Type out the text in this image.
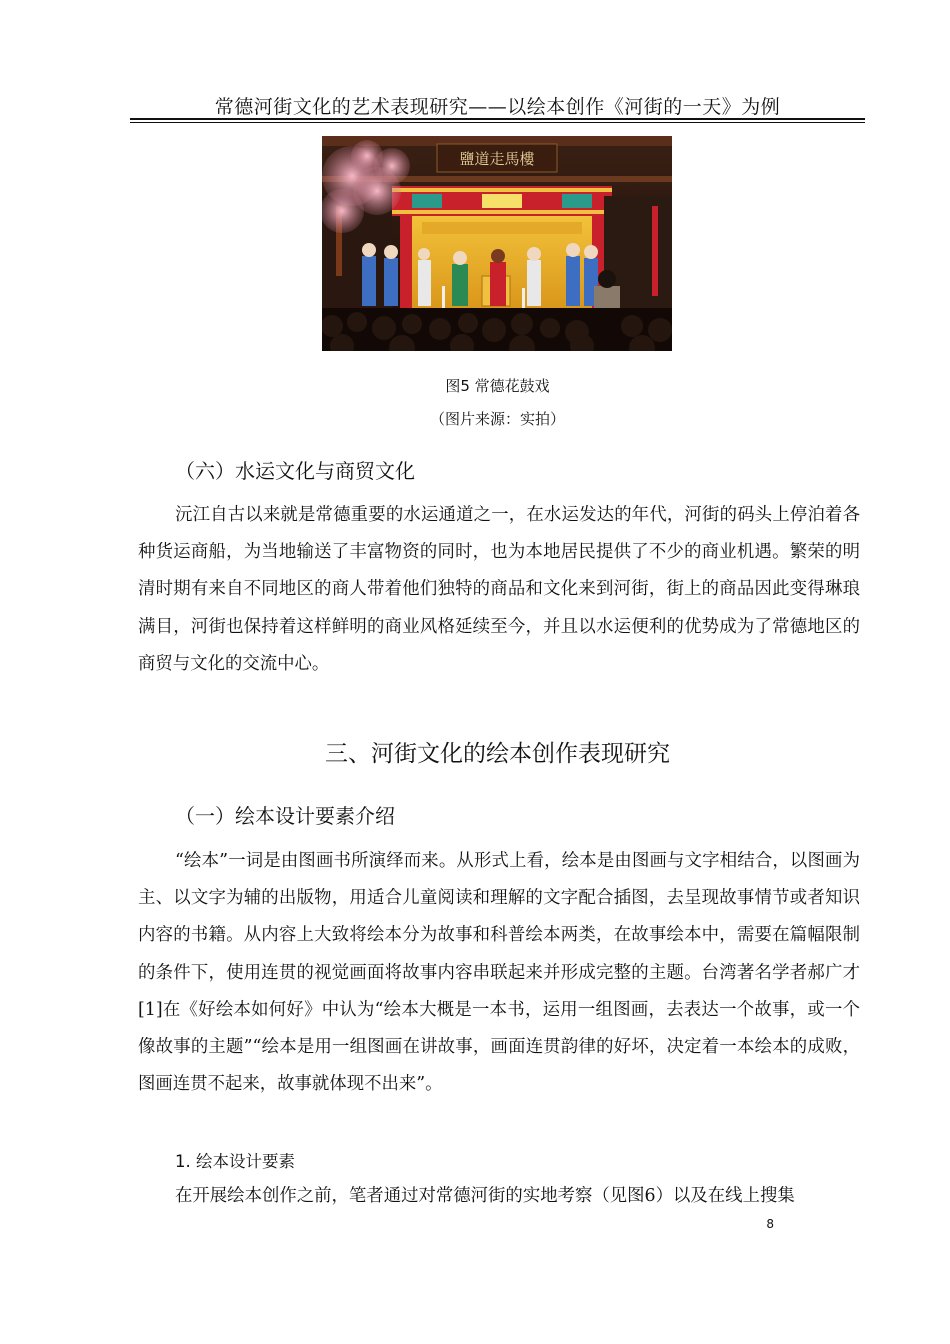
常德河街文化的艺术表现研究——以绘本创作《河街的一天》为例
鹽道走馬樓
图5 常德花鼓戏
（图片来源：实拍）
（六）水运文化与商贸文化

沅江自古以来就是常德重要的水运通道之一，在水运发达的年代，河街的码头上停泊着各种货运商船，为当地输送了丰富物资的同时，也为本地居民提供了不少的商业机遇。繁荣的明清时期有来自不同地区的商人带着他们独特的商品和文化来到河街，街上的商品因此变得琳琅满目，河街也保持着这样鲜明的商业风格延续至今，并且以水运便利的优势成为了常德地区的商贸与文化的交流中心。

三、河街文化的绘本创作表现研究
（一）绘本设计要素介绍

“绘本”一词是由图画书所演绎而来。从形式上看，绘本是由图画与文字相结合，以图画为主、以文字为辅的出版物，用适合儿童阅读和理解的文字配合插图，去呈现故事情节或者知识内容的书籍。从内容上大致将绘本分为故事和科普绘本两类，在故事绘本中，需要在篇幅限制的条件下，使用连贯的视觉画面将故事内容串联起来并形成完整的主题。台湾著名学者郝广才[1]在《好绘本如何好》中认为“绘本大概是一本书，运用一组图画，去表达一个故事，或一个像故事的主题”“绘本是用一组图画在讲故事，画面连贯韵律的好坏，决定着一本绘本的成败，图画连贯不起来，故事就体现不出来”。

1. 绘本设计要素

在开展绘本创作之前，笔者通过对常德河街的实地考察（见图6）以及在线上搜集

8
